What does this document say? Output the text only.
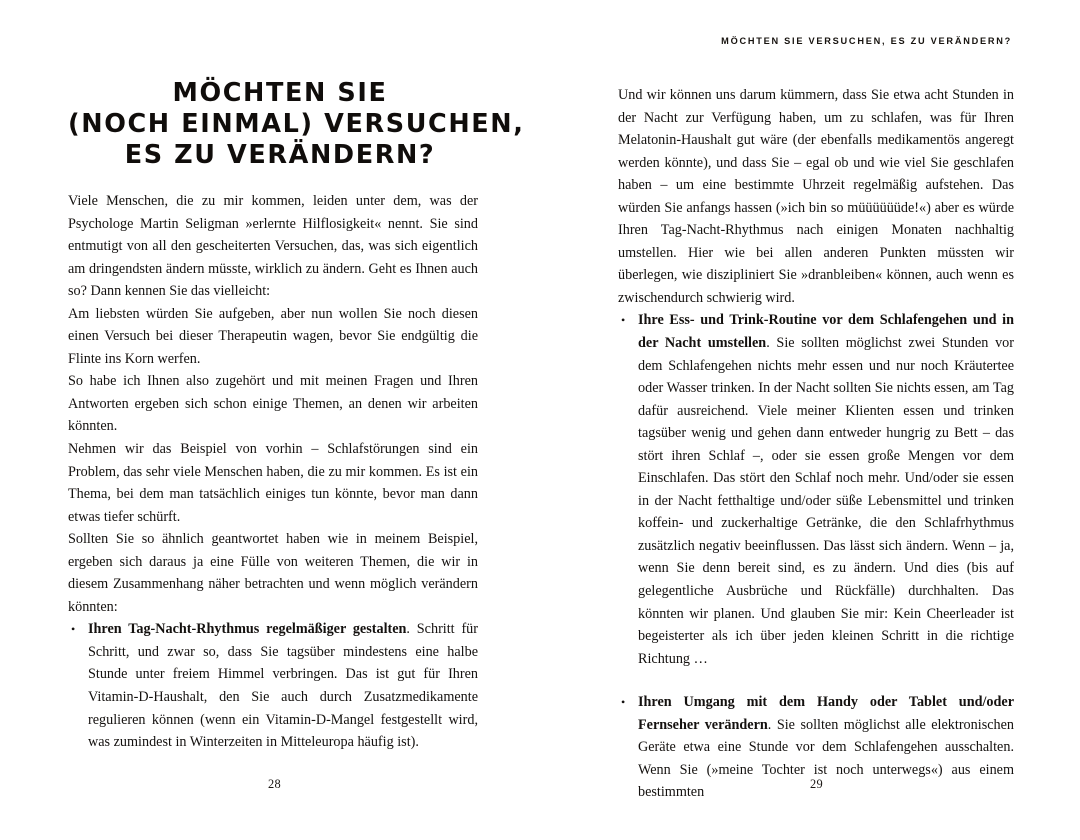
MÖCHTEN SIE
(NOCH EINMAL) VERSUCHEN,
ES ZU VERÄNDERN?

Viele Menschen, die zu mir kommen, leiden unter dem, was der Psychologe Martin Seligman »erlernte Hilflosigkeit« nennt. Sie sind entmutigt von all den gescheiterten Versuchen, das, was sich eigentlich am dringendsten ändern müsste, wirklich zu ändern. Geht es Ihnen auch so? Dann kennen Sie das vielleicht:

Am liebsten würden Sie aufgeben, aber nun wollen Sie noch diesen einen Versuch bei dieser Therapeutin wagen, bevor Sie endgültig die Flinte ins Korn werfen.

So habe ich Ihnen also zugehört und mit meinen Fragen und Ihren Antworten ergeben sich schon einige Themen, an denen wir arbeiten könnten.

Nehmen wir das Beispiel von vorhin – Schlafstörungen sind ein Problem, das sehr viele Menschen haben, die zu mir kommen. Es ist ein Thema, bei dem man tatsächlich einiges tun könnte, bevor man dann etwas tiefer schürft.

Sollten Sie so ähnlich geantwortet haben wie in meinem Beispiel, ergeben sich daraus ja eine Fülle von weiteren Themen, die wir in diesem Zusammenhang näher betrachten und wenn möglich verändern könnten:

• Ihren Tag-Nacht-Rhythmus regelmäßiger gestalten. Schritt für Schritt, und zwar so, dass Sie tagsüber mindestens eine halbe Stunde unter freiem Himmel verbringen. Das ist gut für Ihren Vitamin-D-Haushalt, den Sie auch durch Zusatzmedikamente regulieren können (wenn ein Vitamin-D-Mangel festgestellt wird, was zumindest in Winterzeiten in Mitteleuropa häufig ist).
28
MÖCHTEN SIE VERSUCHEN, ES ZU VERÄNDERN?

Und wir können uns darum kümmern, dass Sie etwa acht Stunden in der Nacht zur Verfügung haben, um zu schlafen, was für Ihren Melatonin-Haushalt gut wäre (der ebenfalls medikamentös angeregt werden könnte), und dass Sie – egal ob und wie viel Sie geschlafen haben – um eine bestimmte Uhrzeit regelmäßig aufstehen. Das würden Sie anfangs hassen (»ich bin so müüüüüüde!«) aber es würde Ihren Tag-Nacht-Rhythmus nach einigen Monaten nachhaltig umstellen. Hier wie bei allen anderen Punkten müssten wir überlegen, wie diszipliniert Sie »dranbleiben« können, auch wenn es zwischendurch schwierig wird.

• Ihre Ess- und Trink-Routine vor dem Schlafengehen und in der Nacht umstellen. Sie sollten möglichst zwei Stunden vor dem Schlafengehen nichts mehr essen und nur noch Kräutertee oder Wasser trinken. In der Nacht sollten Sie nichts essen, am Tag dafür ausreichend. Viele meiner Klienten essen und trinken tagsüber wenig und gehen dann entweder hungrig zu Bett – das stört ihren Schlaf –, oder sie essen große Mengen vor dem Einschlafen. Das stört den Schlaf noch mehr. Und/oder sie essen in der Nacht fetthaltige und/oder süße Lebensmittel und trinken koffein- und zuckerhaltige Getränke, die den Schlafrhythmus zusätzlich negativ beeinflussen. Das lässt sich ändern. Wenn – ja, wenn Sie denn bereit sind, es zu ändern. Und dies (bis auf gelegentliche Ausbrüche und Rückfälle) durchhalten. Das könnten wir planen. Und glauben Sie mir: Kein Cheerleader ist begeisterter als ich über jeden kleinen Schritt in die richtige Richtung …
• Ihren Umgang mit dem Handy oder Tablet und/oder Fernseher verändern. Sie sollten möglichst alle elektronischen Geräte etwa eine Stunde vor dem Schlafengehen ausschalten. Wenn Sie (»meine Tochter ist noch unterwegs«) aus einem bestimmten
29
